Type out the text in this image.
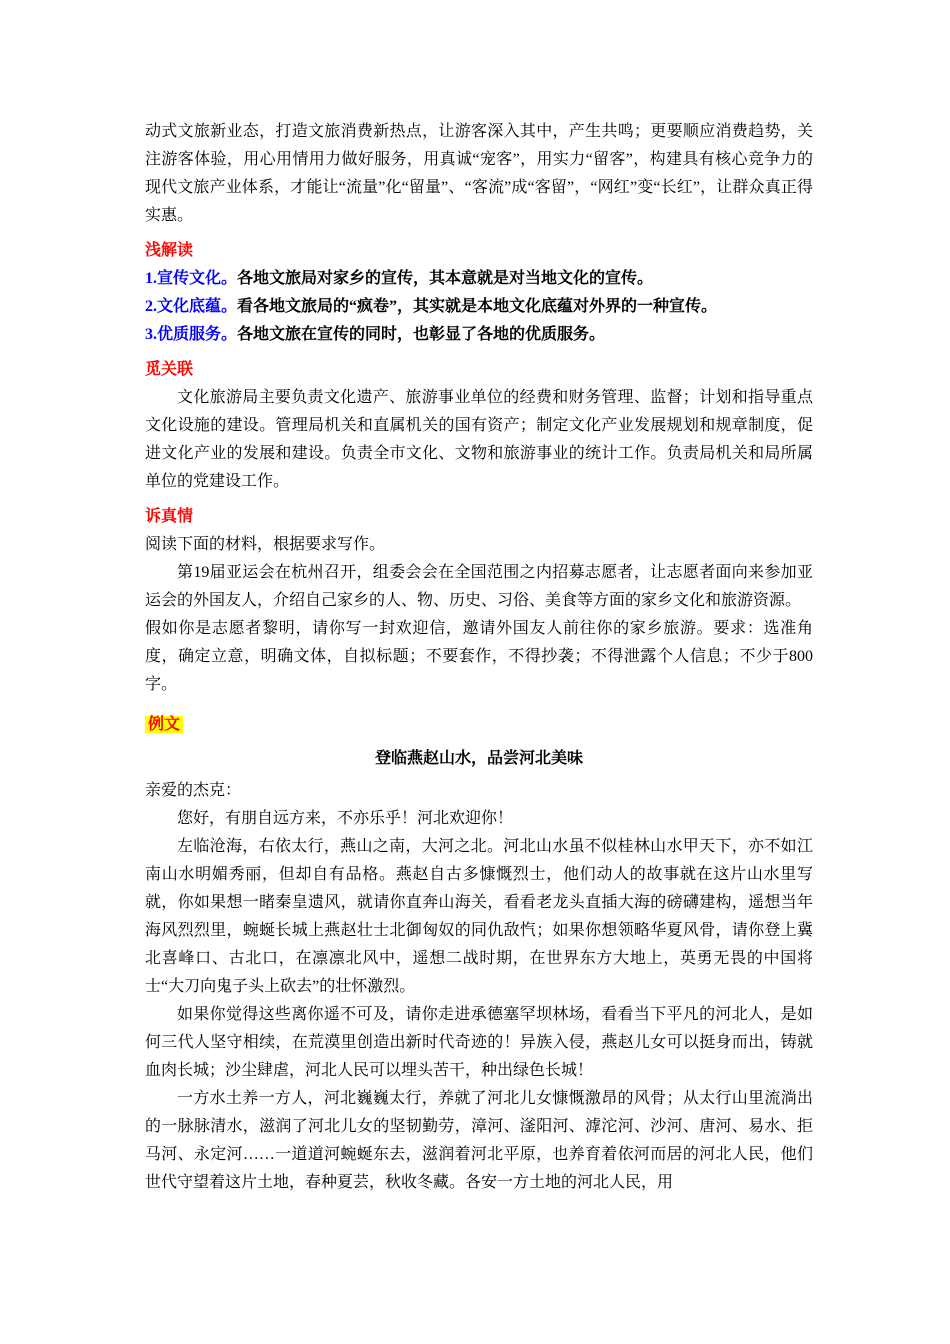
动式文旅新业态，打造文旅消费新热点，让游客深入其中，产生共鸣；更要顺应消费趋势，关注游客体验，用心用情用力做好服务，用真诚“宠客”，用实力“留客”，构建具有核心竞争力的现代文旅产业体系，才能让“流量”化“留量”、“客流”成“客留”，“网红”变“长红”，让群众真正得实惠。

浅解读

1.宣传文化。各地文旅局对家乡的宣传，其本意就是对当地文化的宣传。

2.文化底蕴。看各地文旅局的“疯卷”，其实就是本地文化底蕴对外界的一种宣传。

3.优质服务。各地文旅在宣传的同时，也彰显了各地的优质服务。

觅关联

文化旅游局主要负责文化遗产、旅游事业单位的经费和财务管理、监督；计划和指导重点文化设施的建设。管理局机关和直属机关的国有资产；制定文化产业发展规划和规章制度，促进文化产业的发展和建设。负责全市文化、文物和旅游事业的统计工作。负责局机关和局所属单位的党建设工作。

诉真情

阅读下面的材料，根据要求写作。

第19届亚运会在杭州召开，组委会会在全国范围之内招募志愿者，让志愿者面向来参加亚运会的外国友人，介绍自己家乡的人、物、历史、习俗、美食等方面的家乡文化和旅游资源。

假如你是志愿者黎明，请你写一封欢迎信，邀请外国友人前往你的家乡旅游。要求：选准角度，确定立意，明确文体，自拟标题；不要套作，不得抄袭；不得泄露个人信息；不少于800字。

例文

登临燕赵山水，品尝河北美味

亲爱的杰克：

您好，有朋自远方来，不亦乐乎！河北欢迎你！

左临沧海，右依太行，燕山之南，大河之北。河北山水虽不似桂林山水甲天下，亦不如江南山水明媚秀丽，但却自有品格。燕赵自古多慷慨烈士，他们动人的故事就在这片山水里写就，你如果想一睹秦皇遗风，就请你直奔山海关，看看老龙头直插大海的磅礴建构，遥想当年海风烈烈里，蜿蜒长城上燕赵壮士北御匈奴的同仇敌忾；如果你想领略华夏风骨，请你登上冀北喜峰口、古北口，在凛凛北风中，遥想二战时期，在世界东方大地上，英勇无畏的中国将士“大刀向鬼子头上砍去”的壮怀激烈。

如果你觉得这些离你遥不可及，请你走进承德塞罕坝林场，看看当下平凡的河北人，是如何三代人坚守相续，在荒漠里创造出新时代奇迹的！异族入侵，燕赵儿女可以挺身而出，铸就血肉长城；沙尘肆虐，河北人民可以埋头苦干，种出绿色长城！

一方水土养一方人，河北巍巍太行，养就了河北儿女慷慨激昂的风骨；从太行山里流淌出的一脉脉清水，滋润了河北儿女的坚韧勤劳，漳河、滏阳河、滹沱河、沙河、唐河、易水、拒马河、永定河……一道道河蜿蜒东去，滋润着河北平原，也养育着依河而居的河北人民，他们世代守望着这片土地，春种夏芸，秋收冬藏。各安一方土地的河北人民，用
